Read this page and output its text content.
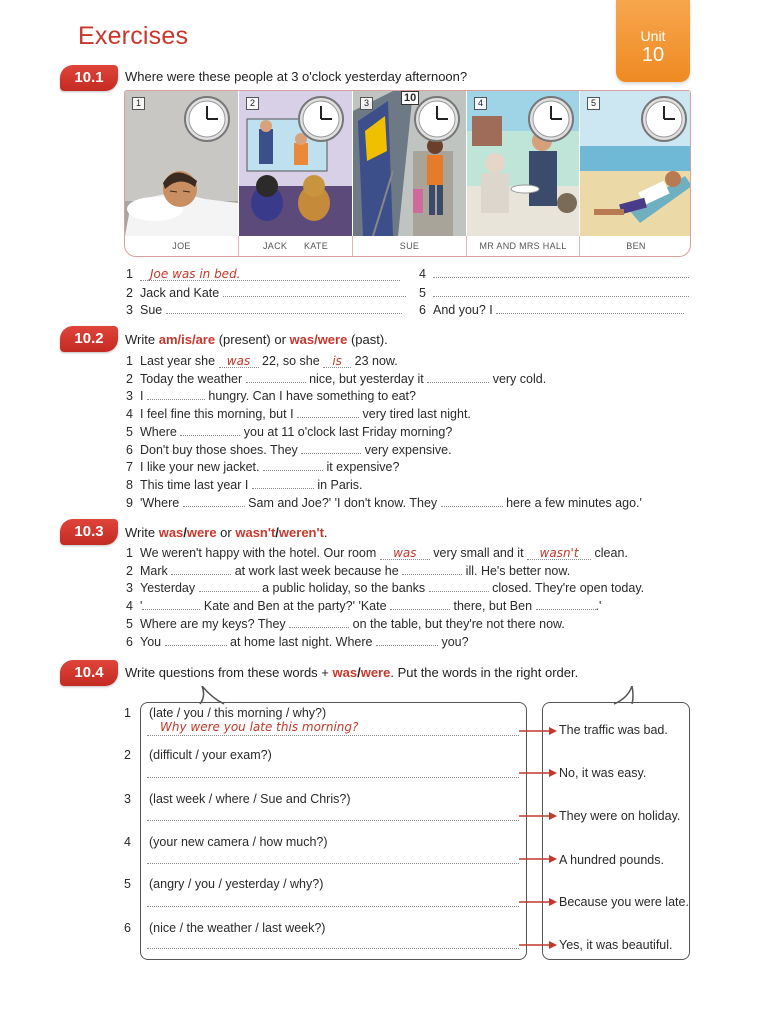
Exercises	Unit
10
10.1	Where were these people at 3 o'clock yesterday afternoon?
1	2	3	10	4	5
JOE	JACK      KATE	SUE	MR AND MRS HALL	BEN
1 Joe was in bed.
2 Jack and Kate
3 Sue
4
5
6 And you? I
10.2	Write am/is/are (present) or was/were (past).
1 Last year she was 22, so she is 23 now.
2 Today the weather	nice, but yesterday it	very cold.
3 I	hungry. Can I have something to eat?
4 I feel fine this morning, but I	very tired last night.
5 Where	you at 11 o'clock last Friday morning?
6 Don't buy those shoes. They	very expensive.
7 I like your new jacket.	it expensive?
8 This time last year I	in Paris.
9 'Where	Sam and Joe?' 'I don't know. They	here a few minutes ago.'
10.3	Write was/were or wasn't/weren't.
1 We weren't happy with the hotel. Our room was very small and it wasn't clean.
2 Mark	at work last week because he	ill. He's better now.
3 Yesterday	a public holiday, so the banks	closed. They're open today.
4 '	Kate and Ben at the party?' 'Kate	there, but Ben	.'
5 Where are my keys? They	on the table, but they're not there now.
6 You	at home last night. Where	you?
10.4	Write questions from these words + was/were. Put the words in the right order.
1 (late / you / this morning / why?)
Why were you late this morning?	The traffic was bad.
2 (difficult / your exam?)
No, it was easy.
3 (last week / where / Sue and Chris?)
They were on holiday.
4 (your new camera / how much?)
A hundred pounds.
5 (angry / you / yesterday / why?)
Because you were late.
6 (nice / the weather / last week?)
Yes, it was beautiful.
